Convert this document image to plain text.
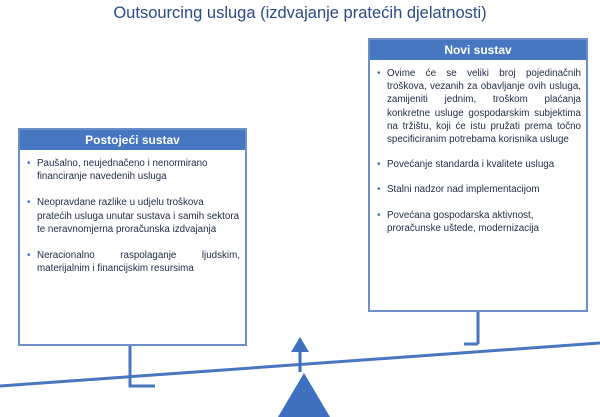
Outsourcing usluga (izdvajanje pratećih djelatnosti)
Postojeći sustav
• Paušalno, neujednačeno i nenormirano financiranje navedenih usluga
• Neopravdane razlike u udjelu troškova pratećih usluga unutar sustava i samih sektora te neravnomjerna proračunska izdvajanja
• Neracionalno raspolaganje ljudskim, materijalnim i financijskim resursima
Novi sustav
• Ovime će se veliki broj pojedinačnih troškova, vezanih za obavljanje ovih usluga, zamijeniti jednim, troškom plaćanja konkretne usluge gospodarskim subjektima na tržištu, koji će istu pružati prema točno specificiranim potrebama korisnika usluge
• Povećanje standarda i kvalitete usluga
• Stalni nadzor nad implementacijom
• Povećana gospodarska aktivnost, proračunske uštede, modernizacija
